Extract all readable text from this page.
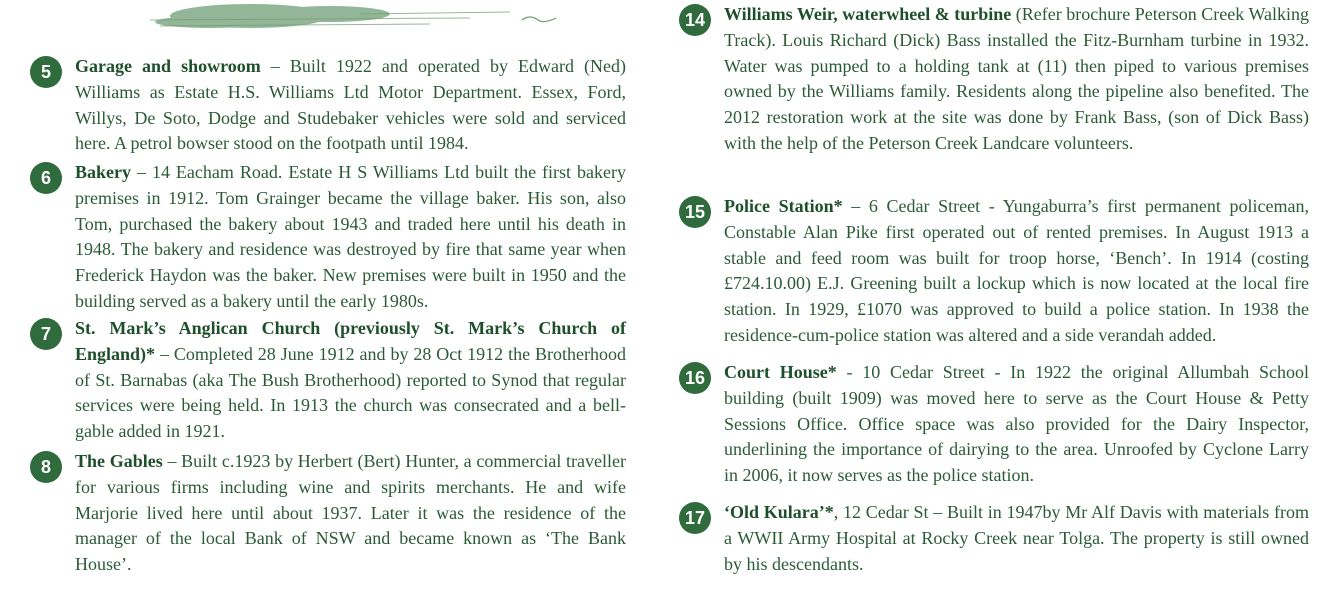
5	Garage and showroom – Built 1922 and operated by Edward (Ned) Williams as Estate H.S. Williams Ltd Motor Department. Essex, Ford, Willys, De Soto, Dodge and Studebaker vehicles were sold and serviced here. A petrol bowser stood on the footpath until 1984.
6	Bakery – 14 Eacham Road. Estate H S Williams Ltd built the first bakery premises in 1912. Tom Grainger became the village baker. His son, also Tom, purchased the bakery about 1943 and traded here until his death in 1948. The bakery and residence was destroyed by fire that same year when Frederick Haydon was the baker. New premises were built in 1950 and the building served as a bakery until the early 1980s.
7	St. Mark’s Anglican Church (previously St. Mark’s Church of England)* – Completed 28 June 1912 and by 28 Oct 1912 the Brotherhood of St. Barnabas (aka The Bush Brotherhood) reported to Synod that regular services were being held. In 1913 the church was consecrated and a bell-gable added in 1921.
8	The Gables – Built c.1923 by Herbert (Bert) Hunter, a commercial traveller for various firms including wine and spirits merchants. He and wife Marjorie lived here until about 1937. Later it was the residence of the manager of the local Bank of NSW and became known as ‘The Bank House’.
14	Williams Weir, waterwheel & turbine (Refer brochure Peterson Creek Walking Track). Louis Richard (Dick) Bass installed the Fitz-Burnham turbine in 1932. Water was pumped to a holding tank at (11) then piped to various premises owned by the Williams family. Residents along the pipeline also benefited. The 2012 restoration work at the site was done by Frank Bass, (son of Dick Bass) with the help of the Peterson Creek Landcare volunteers.
15	Police Station* – 6 Cedar Street - Yungaburra’s first permanent policeman, Constable Alan Pike first operated out of rented premises. In August 1913 a stable and feed room was built for troop horse, ‘Bench’. In 1914 (costing £724.10.00) E.J. Greening built a lockup which is now located at the local fire station. In 1929, £1070 was approved to build a police station. In 1938 the residence-cum-police station was altered and a side verandah added.
16	Court House* - 10 Cedar Street - In 1922 the original Allumbah School building (built 1909) was moved here to serve as the Court House & Petty Sessions Office. Office space was also provided for the Dairy Inspector, underlining the importance of dairying to the area. Unroofed by Cyclone Larry in 2006, it now serves as the police station.
17	‘Old Kulara’*, 12 Cedar St – Built in 1947by Mr Alf Davis with materials from a WWII Army Hospital at Rocky Creek near Tolga. The property is still owned by his descendants.
